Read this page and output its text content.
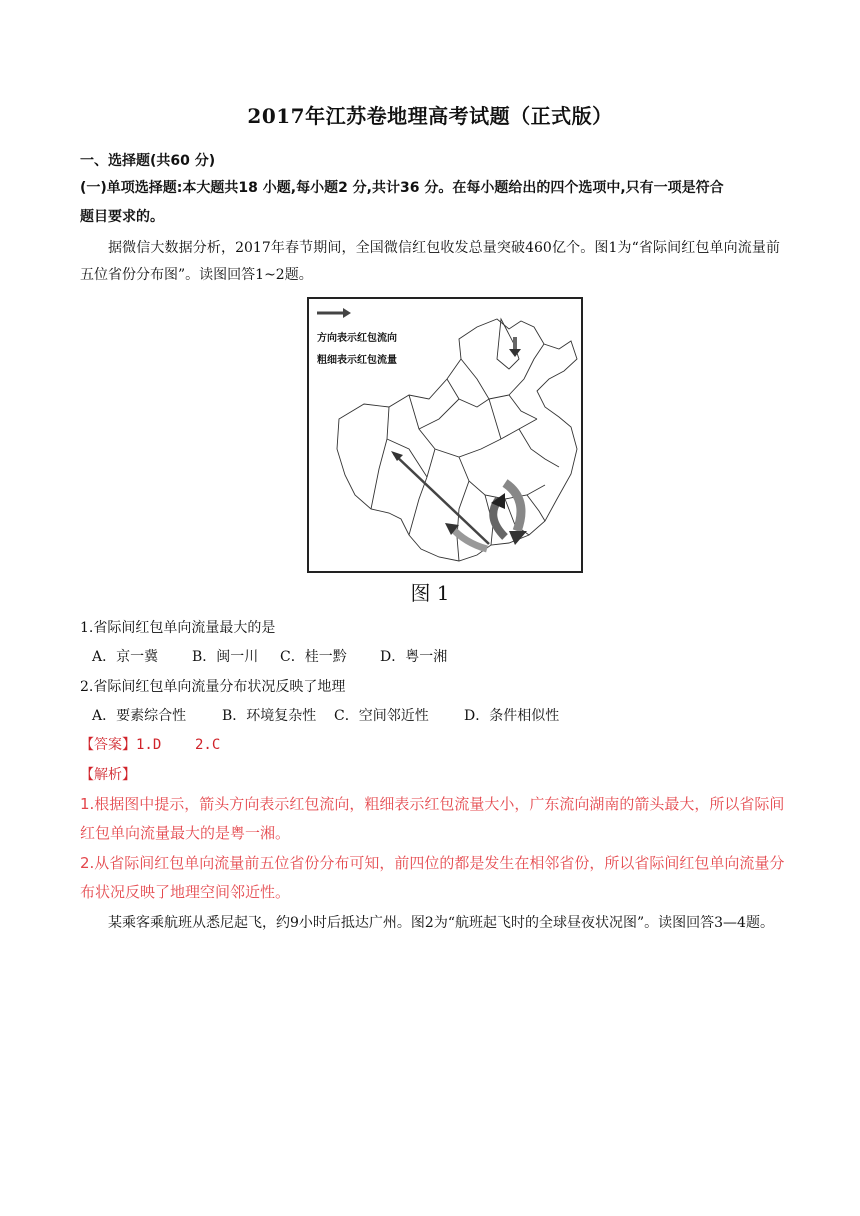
2017年江苏卷地理高考试题（正式版）
一、选择题(共60 分)
(一)单项选择题:本大题共18 小题,每小题2 分,共计36 分。在每小题给出的四个选项中,只有一项是符合
题目要求的。
据微信大数据分析，2017年春节期间，全国微信红包收发总量突破460亿个。图1为“省际间红包单向流量前五位省份分布图”。读图回答1~2题。
方向表示红包流向
粗细表示红包流量
图 1
1.省际间红包单向流量最大的是
A．京一冀 B．闽一川 C．桂一黔 D．粤一湘
2.省际间红包单向流量分布状况反映了地理
A．要素综合性	B．环境复杂性 C．空间邻近性	D．条件相似性
【答案】1.D    2.C
【解析】
1.根据图中提示，箭头方向表示红包流向，粗细表示红包流量大小，广东流向湖南的箭头最大，所以省际间红包单向流量最大的是粤一湘。
2.从省际间红包单向流量前五位省份分布可知，前四位的都是发生在相邻省份，所以省际间红包单向流量分布状况反映了地理空间邻近性。
某乘客乘航班从悉尼起飞，约9小时后抵达广州。图2为“航班起飞时的全球昼夜状况图”。读图回答3—4题。
